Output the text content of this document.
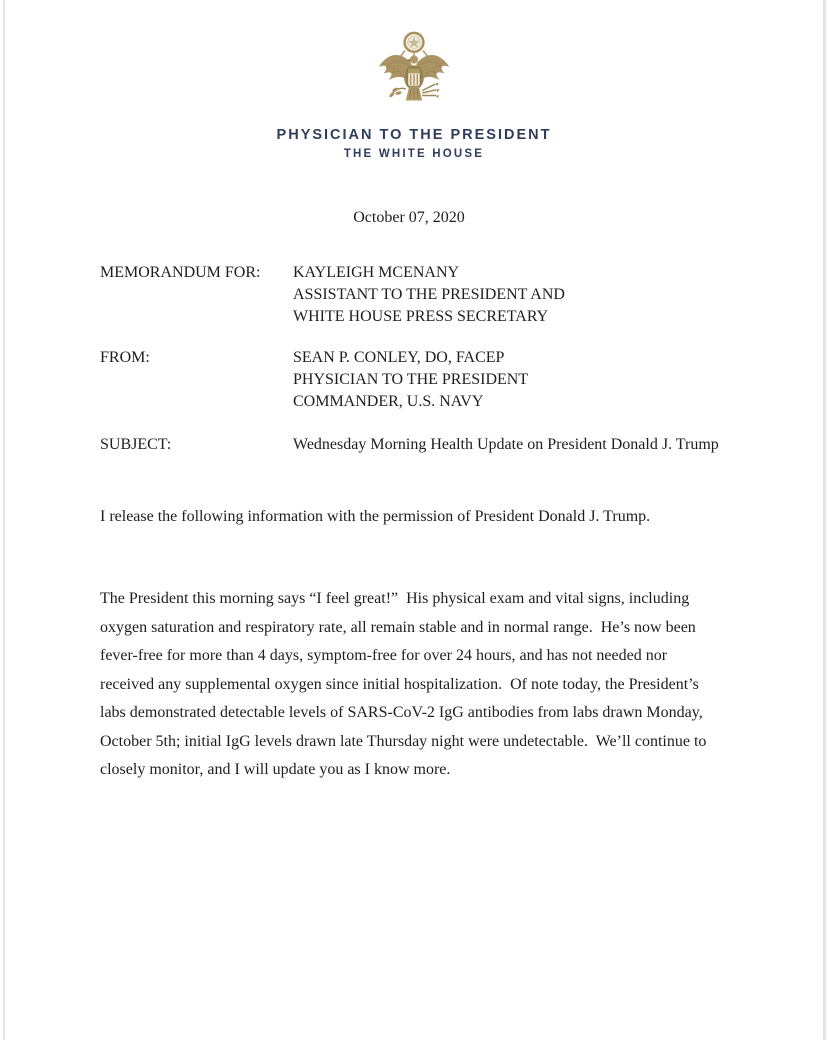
PHYSICIAN TO THE PRESIDENT
THE WHITE HOUSE
October 07, 2020
MEMORANDUM FOR:	KAYLEIGH MCENANY
ASSISTANT TO THE PRESIDENT AND
WHITE HOUSE PRESS SECRETARY
FROM:	SEAN P. CONLEY, DO, FACEP
PHYSICIAN TO THE PRESIDENT
COMMANDER, U.S. NAVY
SUBJECT:	Wednesday Morning Health Update on President Donald J. Trump
I release the following information with the permission of President Donald J. Trump.
The President this morning says “I feel great!”  His physical exam and vital signs, including
oxygen saturation and respiratory rate, all remain stable and in normal range.  He’s now been
fever-free for more than 4 days, symptom-free for over 24 hours, and has not needed nor
received any supplemental oxygen since initial hospitalization.  Of note today, the President’s
labs demonstrated detectable levels of SARS-CoV-2 IgG antibodies from labs drawn Monday,
October 5th; initial IgG levels drawn late Thursday night were undetectable.  We’ll continue to
closely monitor, and I will update you as I know more.
